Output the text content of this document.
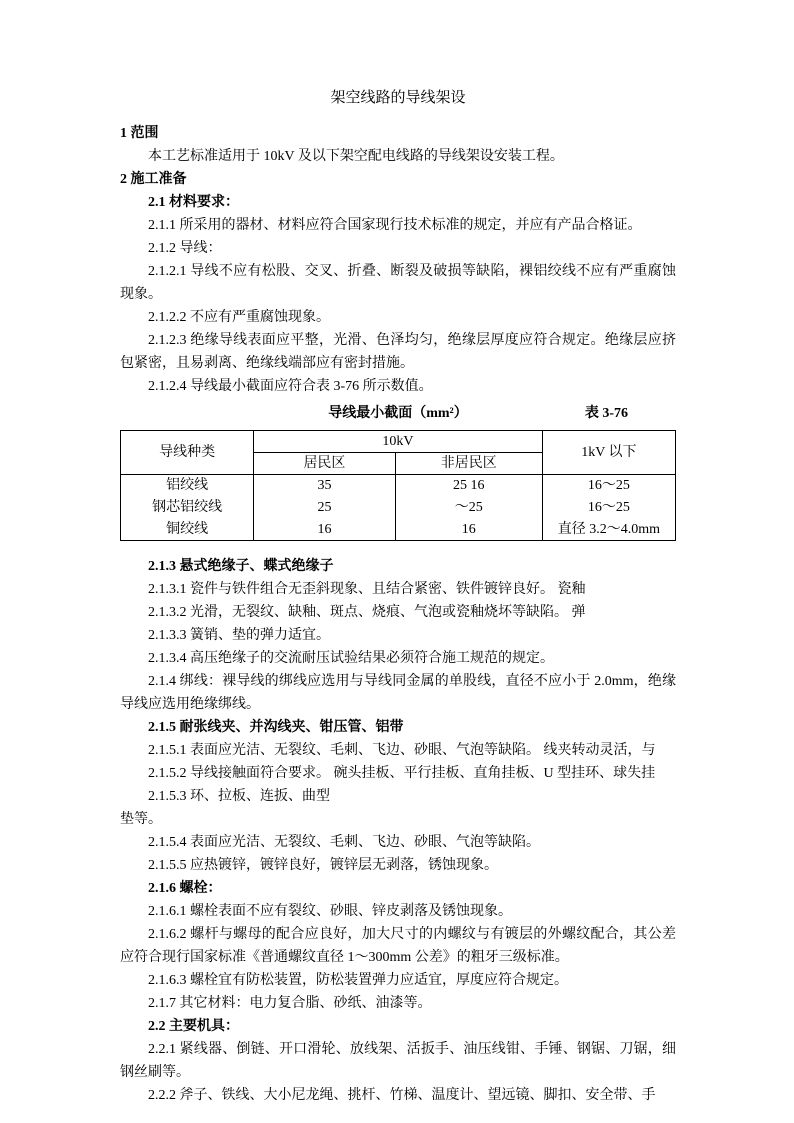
架空线路的导线架设

1 范围

本工艺标准适用于 10kV 及以下架空配电线路的导线架设安装工程。

2 施工准备

2.1 材料要求：

2.1.1 所采用的器材、材料应符合国家现行技术标准的规定，并应有产品合格证。

2.1.2 导线：

2.1.2.1 导线不应有松股、交叉、折叠、断裂及破损等缺陷，裸铝绞线不应有严重腐蚀现象。

2.1.2.2 不应有严重腐蚀现象。

2.1.2.3 绝缘导线表面应平整，光滑、色泽均匀，绝缘层厚度应符合规定。绝缘层应挤包紧密，且易剥离、绝缘线端部应有密封措施。

2.1.2.4 导线最小截面应符合表 3-76 所示数值。

导线最小截面（mm²）	表 3-76
导线种类	10kV		1kV 以下
	居民区	非居民区	
铝绞线	35	25 16	16～25
钢芯铝绞线	25	～25	16～25
铜绞线	16	16	直径 3.2～4.0mm

2.1.3 悬式绝缘子、蝶式绝缘子

2.1.3.1 瓷件与铁件组合无歪斜现象、且结合紧密、铁件镀锌良好。 瓷釉

2.1.3.2 光滑，无裂纹、缺釉、斑点、烧痕、气泡或瓷釉烧坏等缺陷。 弹

2.1.3.3 簧销、垫的弹力适宜。

2.1.3.4 高压绝缘子的交流耐压试验结果必须符合施工规范的规定。

2.1.4 绑线：裸导线的绑线应选用与导线同金属的单股线，直径不应小于 2.0mm，绝缘导线应选用绝缘绑线。

2.1.5 耐张线夹、并沟线夹、钳压管、铝带

2.1.5.1 表面应光洁、无裂纹、毛刺、飞边、砂眼、气泡等缺陷。 线夹转动灵活，与

2.1.5.2 导线接触面符合要求。 碗头挂板、平行挂板、直角挂板、U 型挂环、球失挂

2.1.5.3 环、拉板、连扳、曲型

垫等。

2.1.5.4 表面应光洁、无裂纹、毛刺、飞边、砂眼、气泡等缺陷。

2.1.5.5 应热镀锌，镀锌良好，镀锌层无剥落，锈蚀现象。

2.1.6 螺栓：

2.1.6.1 螺栓表面不应有裂纹、砂眼、锌皮剥落及锈蚀现象。

2.1.6.2 螺杆与螺母的配合应良好，加大尺寸的内螺纹与有镀层的外螺纹配合，其公差应符合现行国家标准《普通螺纹直径 1～300mm 公差》的粗牙三级标准。

2.1.6.3 螺栓宜有防松装置，防松装置弹力应适宜，厚度应符合规定。

2.1.7 其它材料：电力复合脂、砂纸、油漆等。

2.2 主要机具：

2.2.1 紧线器、倒链、开口滑轮、放线架、活扳手、油压线钳、手锤、钢锯、刀锯，细钢丝刷等。

2.2.2 斧子、铁线、大小尼龙绳、挑杆、竹梯、温度计、望远镜、脚扣、安全带、手
